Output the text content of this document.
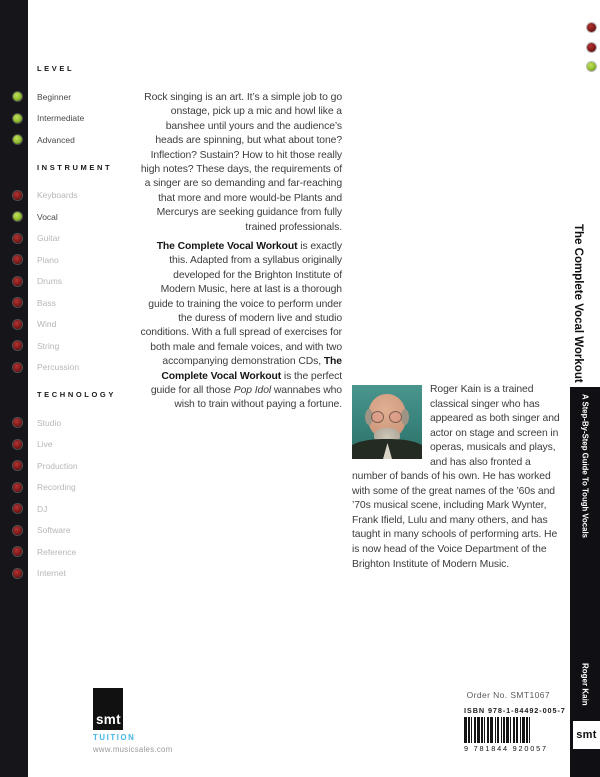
LEVEL
Beginner
Intermediate
Advanced
INSTRUMENT
Keyboards
Vocal
Guitar
Piano
Drums
Bass
Wind
String
Percussion
TECHNOLOGY
Studio
Live
Production
Recording
DJ
Software
Reference
Internet

Rock singing is an art. It’s a simple job to go onstage, pick up a mic and howl like a banshee until yours and the audience’s heads are spinning, but what about tone? Inflection? Sustain? How to hit those really high notes? These days, the requirements of a singer are so demanding and far-reaching that more and more would-be Plants and Mercurys are seeking guidance from fully trained professionals.

The Complete Vocal Workout is exactly this. Adapted from a syllabus originally developed for the Brighton Institute of Modern Music, here at last is a thorough guide to training the voice to perform under the duress of modern live and studio conditions. With a full spread of exercises for both male and female voices, and with two accompanying demonstration CDs, The Complete Vocal Workout is the perfect guide for all those Pop Idol wannabes who wish to train without paying a fortune.

Roger Kain is a trained classical singer who has appeared as both singer and actor on stage and screen in operas, musicals and plays, and has also fronted a number of bands of his own. He has worked with some of the great names of the ’60s and ’70s musical scene, including Mark Wynter, Frank Ifield, Lulu and many others, and has taught in many schools of performing arts. He is now head of the Voice Department of the Brighton Institute of Modern Music.
The Complete Vocal Workout
A Step-By-Step Guide To Tough Vocals
Roger Kain
smt
smt
TUITION
www.musicsales.com
Order No. SMT1067
ISBN 978-1-84492-005-7
9 781844 920057
